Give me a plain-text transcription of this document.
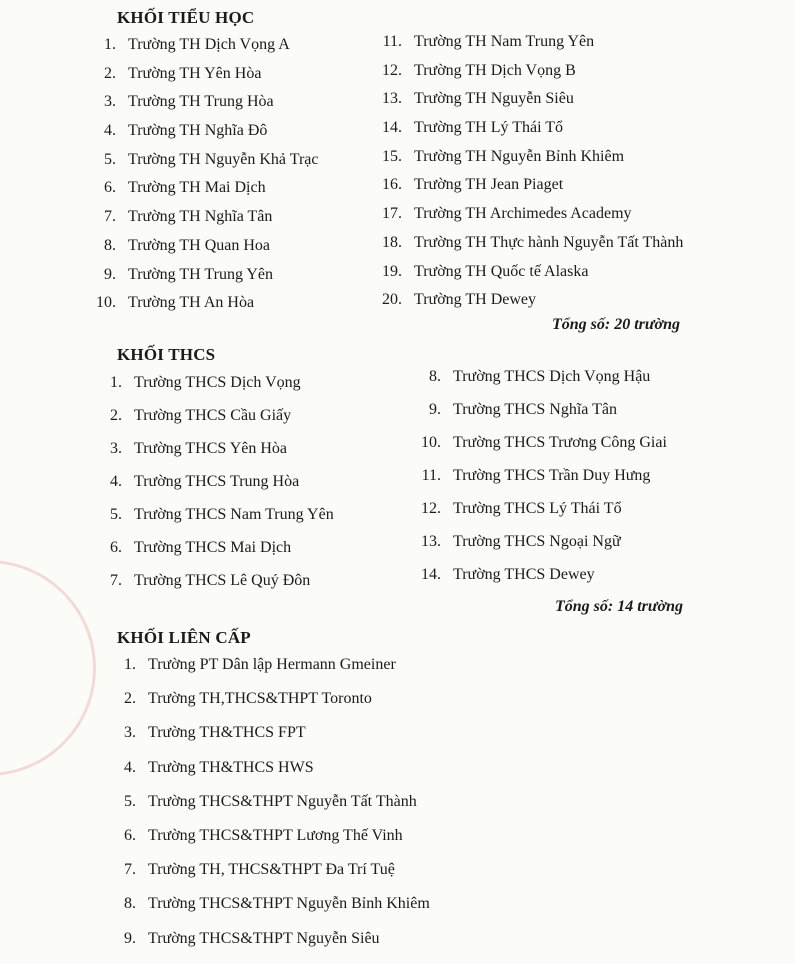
KHỐI TIỂU HỌC
1. Trường TH Dịch Vọng A
2. Trường TH Yên Hòa
3. Trường TH Trung Hòa
4. Trường TH Nghĩa Đô
5. Trường TH Nguyễn Khả Trạc
6. Trường TH Mai Dịch
7. Trường TH Nghĩa Tân
8. Trường TH Quan Hoa
9. Trường TH Trung Yên
10. Trường TH An Hòa
11. Trường TH Nam Trung Yên
12. Trường TH Dịch Vọng B
13. Trường TH Nguyễn Siêu
14. Trường TH Lý Thái Tổ
15. Trường TH Nguyễn Bỉnh Khiêm
16. Trường TH Jean Piaget
17. Trường TH Archimedes Academy
18. Trường TH Thực hành Nguyễn Tất Thành
19. Trường TH Quốc tế Alaska
20. Trường TH Dewey

Tổng số: 20 trường

KHỐI THCS
1. Trường THCS Dịch Vọng
2. Trường THCS Cầu Giấy
3. Trường THCS Yên Hòa
4. Trường THCS Trung Hòa
5. Trường THCS Nam Trung Yên
6. Trường THCS Mai Dịch
7. Trường THCS Lê Quý Đôn
8. Trường THCS Dịch Vọng Hậu
9. Trường THCS Nghĩa Tân
10. Trường THCS Trương Công Giai
11. Trường THCS Trần Duy Hưng
12. Trường THCS Lý Thái Tổ
13. Trường THCS Ngoại Ngữ
14. Trường THCS Dewey

Tổng số: 14 trường

KHỐI LIÊN CẤP
1. Trường PT Dân lập Hermann Gmeiner
2. Trường TH,THCS&THPT Toronto
3. Trường TH&THCS FPT
4. Trường TH&THCS HWS
5. Trường THCS&THPT Nguyễn Tất Thành
6. Trường THCS&THPT Lương Thế Vinh
7. Trường TH, THCS&THPT Đa Trí Tuệ
8. Trường THCS&THPT Nguyễn Bỉnh Khiêm
9. Trường THCS&THPT Nguyễn Siêu
